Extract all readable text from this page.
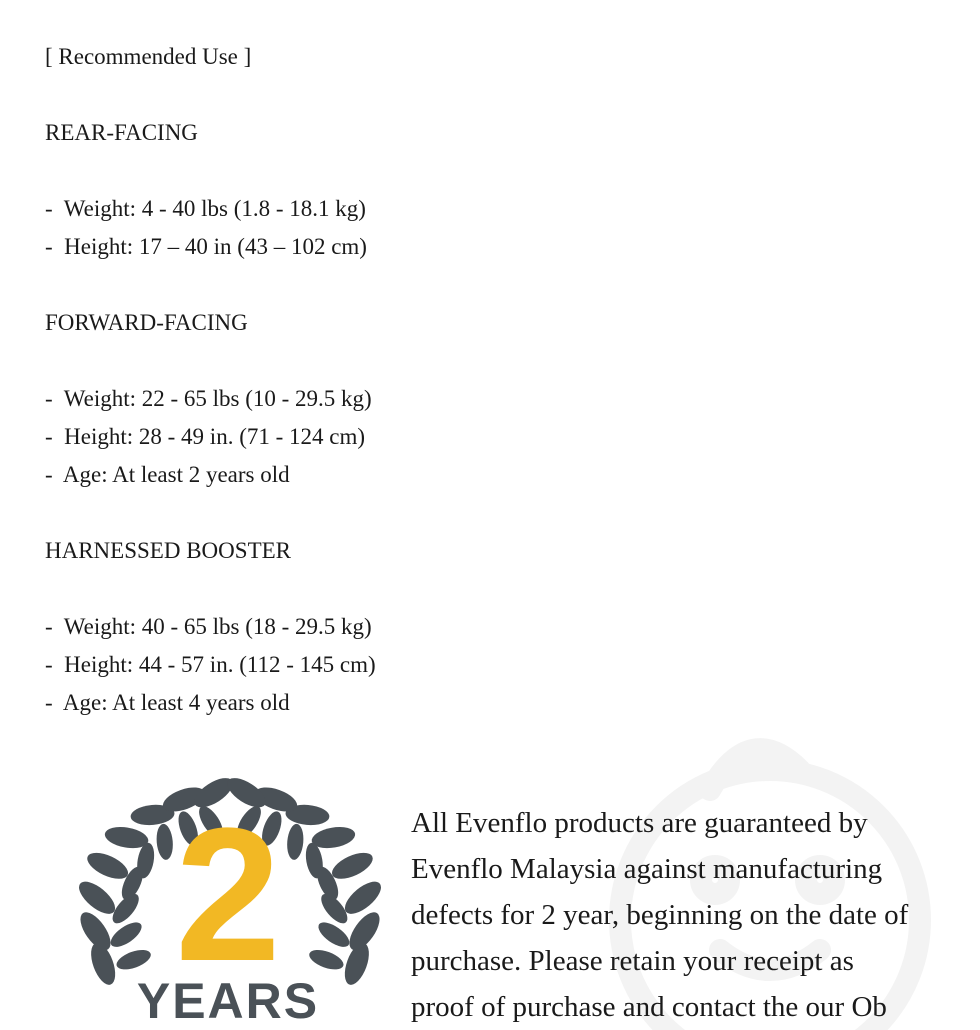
[ Recommended Use ]
REAR-FACING
-  Weight: 4 - 40 lbs (1.8 - 18.1 kg)
-  Height: 17 – 40 in (43 – 102 cm)
FORWARD-FACING
-  Weight: 22 - 65 lbs (10 - 29.5 kg)
-  Height: 28 - 49 in. (71 - 124 cm)
-  Age: At least 2 years old
HARNESSED BOOSTER
-  Weight: 40 - 65 lbs (18 - 29.5 kg)
-  Height: 44 - 57 in. (112 - 145 cm)
-  Age: At least 4 years old
2
YEARS
All Evenflo products are guaranteed by
Evenflo Malaysia against manufacturing
defects for 2 year, beginning on the date of
purchase. Please retain your receipt as
proof of purchase and contact the our Ob
